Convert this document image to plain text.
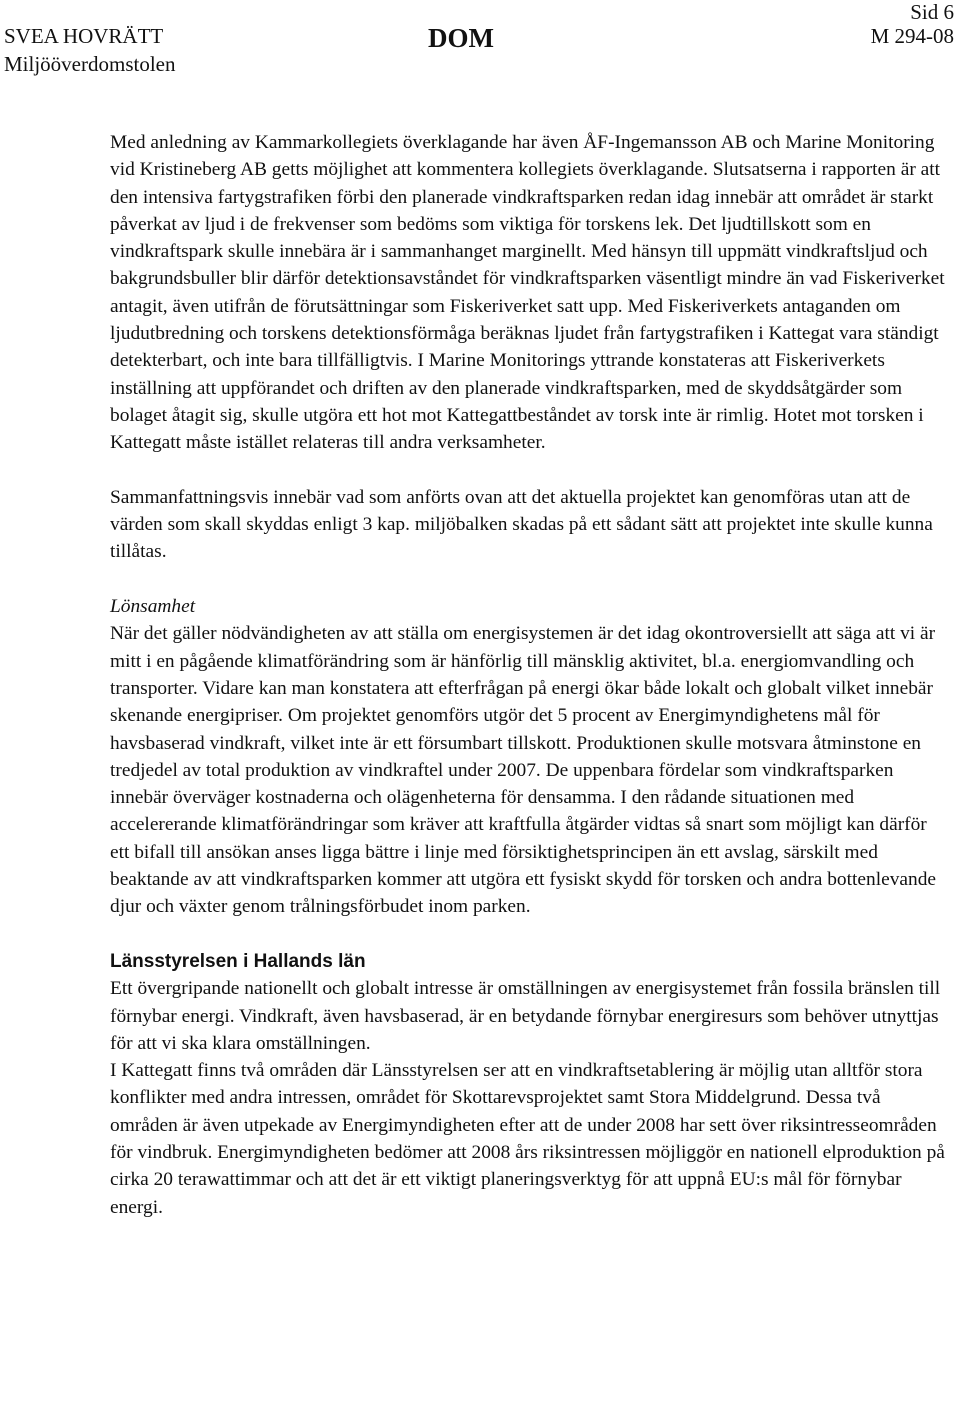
SVEA HOVRÄTT
Miljööverdomstolen
DOM
Sid 6
M 294-08

Med anledning av Kammarkollegiets överklagande har även ÅF-Ingemansson AB och Marine Monitoring vid Kristineberg AB getts möjlighet att kommentera kollegiets överklagande. Slutsatserna i rapporten är att den intensiva fartygstrafiken förbi den planerade vindkraftsparken redan idag innebär att området är starkt påverkat av ljud i de frekvenser som bedöms som viktiga för torskens lek. Det ljudtillskott som en vindkraftspark skulle innebära är i sammanhanget marginellt. Med hänsyn till uppmätt vindkraftsljud och bakgrundsbuller blir därför detektionsavståndet för vindkraftsparken väsentligt mindre än vad Fiskeriverket antagit, även utifrån de förutsättningar som Fiskeriverket satt upp. Med Fiskeriverkets antaganden om ljudutbredning och torskens detektionsförmåga beräknas ljudet från fartygstrafiken i Kattegat vara ständigt detekterbart, och inte bara tillfälligtvis. I Marine Monitorings yttrande konstateras att Fiskeriverkets inställning att uppförandet och driften av den planerade vindkraftsparken, med de skyddsåtgärder som bolaget åtagit sig, skulle utgöra ett hot mot Kattegattbeståndet av torsk inte är rimlig. Hotet mot torsken i Kattegatt måste istället relateras till andra verksamheter.

Sammanfattningsvis innebär vad som anförts ovan att det aktuella projektet kan genomföras utan att de värden som skall skyddas enligt 3 kap. miljöbalken skadas på ett sådant sätt att projektet inte skulle kunna tillåtas.

Lönsamhet

När det gäller nödvändigheten av att ställa om energisystemen är det idag okontroversiellt att säga att vi är mitt i en pågående klimatförändring som är hänförlig till mänsklig aktivitet, bl.a. energiomvandling och transporter. Vidare kan man konstatera att efterfrågan på energi ökar både lokalt och globalt vilket innebär skenande energipriser. Om projektet genomförs utgör det 5 procent av Energimyndighetens mål för havsbaserad vindkraft, vilket inte är ett försumbart tillskott. Produktionen skulle motsvara åtminstone en tredjedel av total produktion av vindkraftel under 2007. De uppenbara fördelar som vindkraftsparken innebär överväger kostnaderna och olägenheterna för densamma. I den rådande situationen med accelererande klimatförändringar som kräver att kraftfulla åtgärder vidtas så snart som möjligt kan därför ett bifall till ansökan anses ligga bättre i linje med försiktighetsprincipen än ett avslag, särskilt med beaktande av att vindkraftsparken kommer att utgöra ett fysiskt skydd för torsken och andra bottenlevande djur och växter genom trålningsförbudet inom parken.

Länsstyrelsen i Hallands län

Ett övergripande nationellt och globalt intresse är omställningen av energisystemet från fossila bränslen till förnybar energi. Vindkraft, även havsbaserad, är en betydande förnybar energiresurs som behöver utnyttjas för att vi ska klara omställningen.

I Kattegatt finns två områden där Länsstyrelsen ser att en vindkraftsetablering är möjlig utan alltför stora konflikter med andra intressen, området för Skottarevsprojektet samt Stora Middelgrund. Dessa två områden är även utpekade av Energimyndigheten efter att de under 2008 har sett över riksintresseområden för vindbruk. Energimyndigheten bedömer att 2008 års riksintressen möjliggör en nationell elproduktion på cirka 20 terawattimmar och att det är ett viktigt planeringsverktyg för att uppnå EU:s mål för förnybar energi.
